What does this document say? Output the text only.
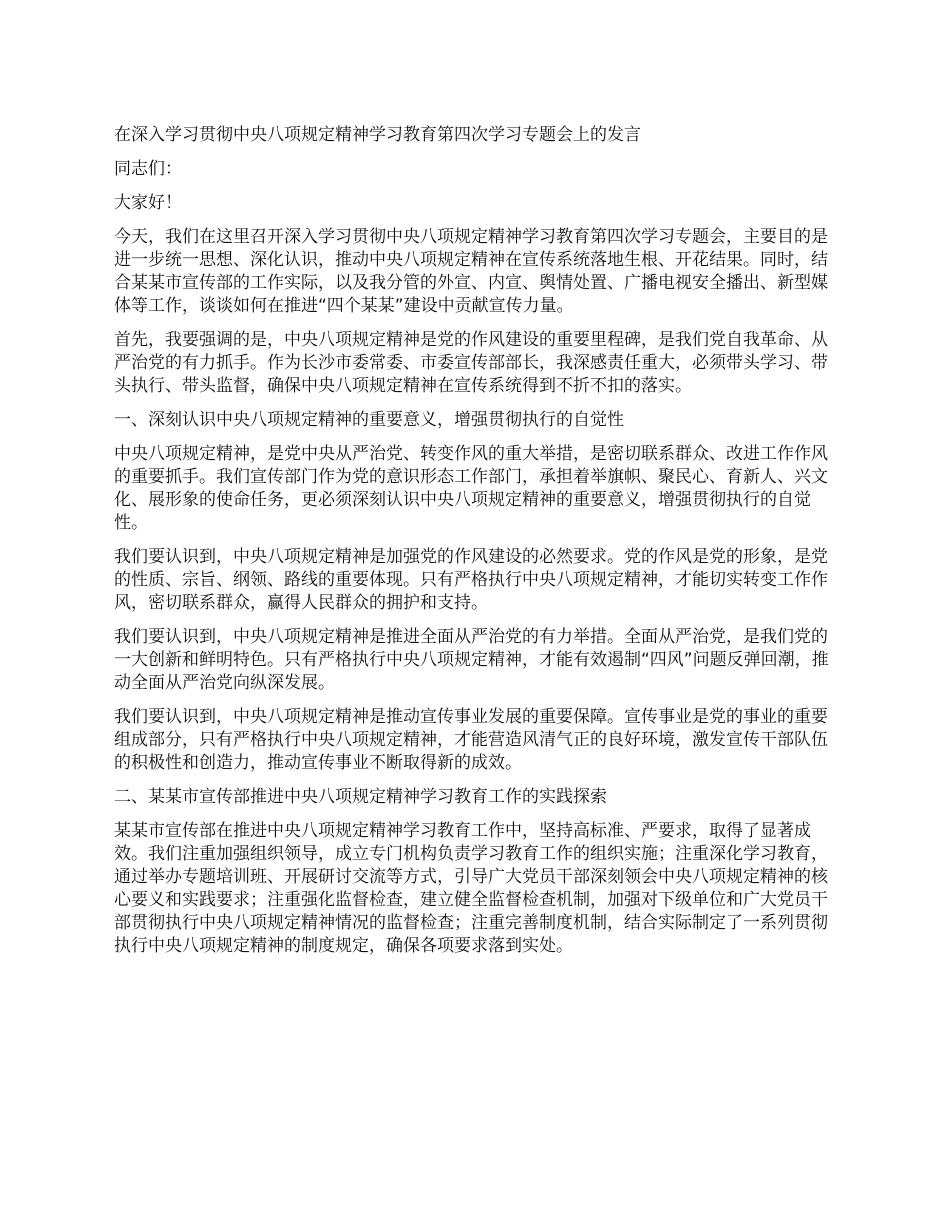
在深入学习贯彻中央八项规定精神学习教育第四次学习专题会上的发言

同志们：

大家好！

今天，我们在这里召开深入学习贯彻中央八项规定精神学习教育第四次学习专题会，主要目的是进一步统一思想、深化认识，推动中央八项规定精神在宣传系统落地生根、开花结果。同时，结合某某市宣传部的工作实际，以及我分管的外宣、内宣、舆情处置、广播电视安全播出、新型媒体等工作，谈谈如何在推进“四个某某”建设中贡献宣传力量。

首先，我要强调的是，中央八项规定精神是党的作风建设的重要里程碑，是我们党自我革命、从严治党的有力抓手。作为长沙市委常委、市委宣传部部长，我深感责任重大，必须带头学习、带头执行、带头监督，确保中央八项规定精神在宣传系统得到不折不扣的落实。

一、深刻认识中央八项规定精神的重要意义，增强贯彻执行的自觉性

中央八项规定精神，是党中央从严治党、转变作风的重大举措，是密切联系群众、改进工作作风的重要抓手。我们宣传部门作为党的意识形态工作部门，承担着举旗帜、聚民心、育新人、兴文化、展形象的使命任务，更必须深刻认识中央八项规定精神的重要意义，增强贯彻执行的自觉性。

我们要认识到，中央八项规定精神是加强党的作风建设的必然要求。党的作风是党的形象，是党的性质、宗旨、纲领、路线的重要体现。只有严格执行中央八项规定精神，才能切实转变工作作风，密切联系群众，赢得人民群众的拥护和支持。

我们要认识到，中央八项规定精神是推进全面从严治党的有力举措。全面从严治党，是我们党的一大创新和鲜明特色。只有严格执行中央八项规定精神，才能有效遏制“四风”问题反弹回潮，推动全面从严治党向纵深发展。

我们要认识到，中央八项规定精神是推动宣传事业发展的重要保障。宣传事业是党的事业的重要组成部分，只有严格执行中央八项规定精神，才能营造风清气正的良好环境，激发宣传干部队伍的积极性和创造力，推动宣传事业不断取得新的成效。

二、某某市宣传部推进中央八项规定精神学习教育工作的实践探索

某某市宣传部在推进中央八项规定精神学习教育工作中，坚持高标准、严要求，取得了显著成效。我们注重加强组织领导，成立专门机构负责学习教育工作的组织实施；注重深化学习教育，通过举办专题培训班、开展研讨交流等方式，引导广大党员干部深刻领会中央八项规定精神的核心要义和实践要求；注重强化监督检查，建立健全监督检查机制，加强对下级单位和广大党员干部贯彻执行中央八项规定精神情况的监督检查；注重完善制度机制，结合实际制定了一系列贯彻执行中央八项规定精神的制度规定，确保各项要求落到实处。
